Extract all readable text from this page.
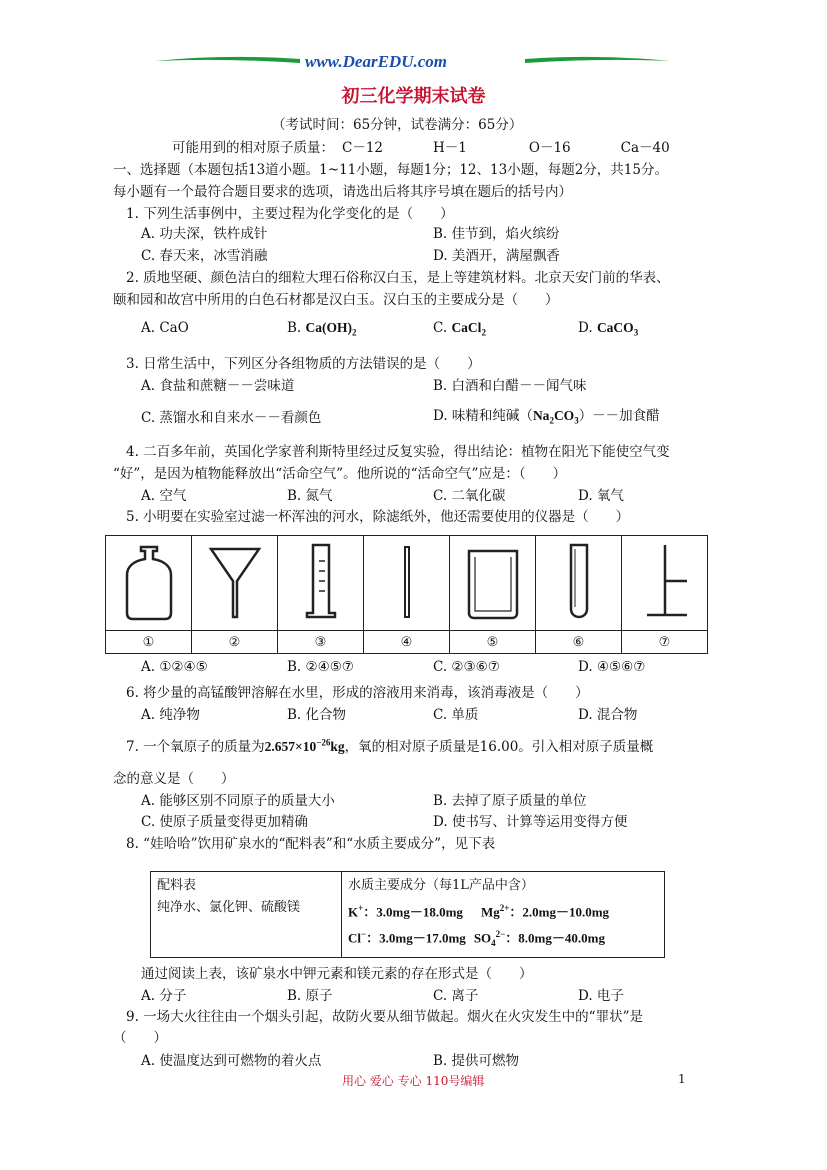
www.DearEDU.com
初三化学期末试卷
（考试时间：65分钟，试卷满分：65分）
可能用到的相对原子质量： C－12	H－1	O－16	Ca－40
一、选择题（本题包括13道小题。1~11小题，每题1分；12、13小题，每题2分，共15分。
每小题有一个最符合题目要求的选项，请选出后将其序号填在题后的括号内）
1. 下列生活事例中，主要过程为化学变化的是（　　）
A. 功夫深，铁杵成针	B. 佳节到，焰火缤纷
C. 春天来，冰雪消融	D. 美酒开，满屋飘香
2. 质地坚硬、颜色洁白的细粒大理石俗称汉白玉，是上等建筑材料。北京天安门前的华表、
颐和园和故宫中所用的白色石材都是汉白玉。汉白玉的主要成分是（　　）
A. CaO	B. $Ca(OH)_2$	C. CaCl$_2$	D. CaCO$_3$
3. 日常生活中，下列区分各组物质的方法错误的是（　　）
A. 食盐和蔗糖－－尝味道	B. 白酒和白醋－－闻气味
C. 蒸馏水和自来水－－看颜色	D. 味精和纯碱$(Na_2CO_3)--$加食醋
4. 二百多年前，英国化学家普利斯特里经过反复实验，得出结论：植物在阳光下能使空气变
“好”，是因为植物能释放出“活命空气”。他所说的“活命空气”应是：（　　）
A. 空气	B. 氮气	C. 二氧化碳	D. 氧气
5. 小明要在实验室过滤一杯浑浊的河水，除滤纸外，他还需要使用的仪器是（　　）

①	②	③	④	⑤	⑥	⑦
A. ①②④⑤	B. ②④⑤⑦	C. ②③⑥⑦	D. ④⑤⑥⑦
6. 将少量的高锰酸钾溶解在水里，形成的溶液用来消毒，该消毒液是（　　）
A. 纯净物	B. 化合物	C. 单质	D. 混合物
7. 一个氧原子的质量为$2.657\times 10^{-26}kg$，氧的相对原子质量是16.00。引入相对原子质量概
念的意义是（　　）
A. 能够区别不同原子的质量大小	B. 去掉了原子质量的单位
C. 使原子质量变得更加精确	D. 使书写、计算等运用变得方便
8. “娃哈哈”饮用矿泉水的“配料表”和“水质主要成分”，见下表
配料表
纯净水、氯化钾、硫酸镁

水质主要成分（每1L产品中含）
K+：3.0mg－18.0mg $Mg^{2+}$：2.0mg－10.0mg
Cl−：3.0mg－17.0mg $SO_4^{2-}$：8.0mg－40.0mg
通过阅读上表，该矿泉水中钾元素和镁元素的存在形式是（　　）
A. 分子	B. 原子	C. 离子	D. 电子
9. 一场大火往往由一个烟头引起，故防火要从细节做起。烟火在火灾发生中的“罪状”是
（　　）
A. 使温度达到可燃物的着火点	B. 提供可燃物
用心 爱心 专心 110号编辑	1
